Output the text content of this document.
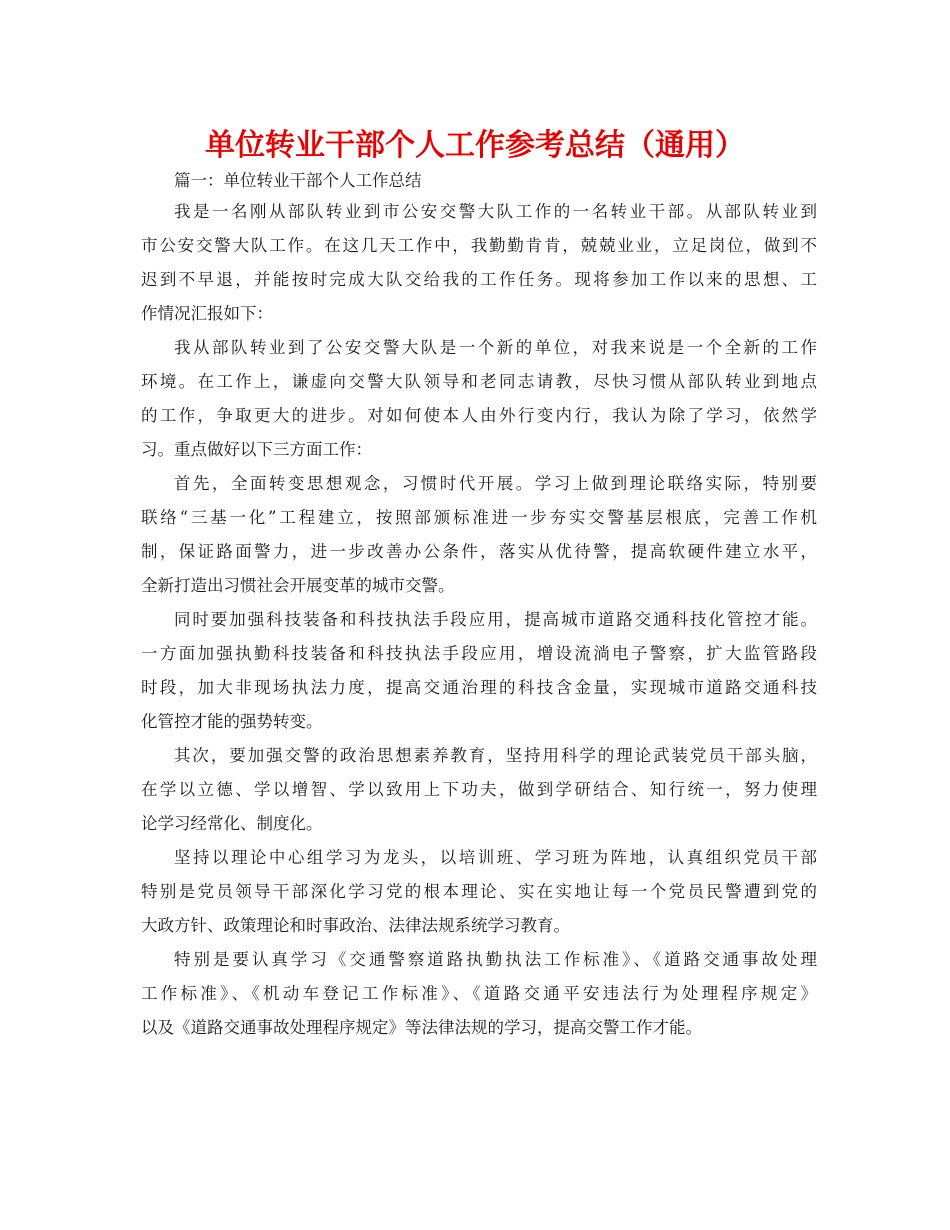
单位转业干部个人工作参考总结（通用）

篇一：单位转业干部个人工作总结

我是一名刚从部队转业到市公安交警大队工作的一名转业干部。从部队转业到
市公安交警大队工作。在这几天工作中，我勤勤肯肯，兢兢业业，立足岗位，做到不
迟到不早退，并能按时完成大队交给我的工作任务。现将参加工作以来的思想、工
作情况汇报如下：
我从部队转业到了公安交警大队是一个新的单位，对我来说是一个全新的工作
环境。在工作上，谦虚向交警大队领导和老同志请教，尽快习惯从部队转业到地点
的工作，争取更大的进步。对如何使本人由外行变内行，我认为除了学习，依然学
习。重点做好以下三方面工作：
首先，全面转变思想观念，习惯时代开展。学习上做到理论联络实际，特别要
联络“三基一化”工程建立，按照部颁标准进一步夯实交警基层根底，完善工作机
制，保证路面警力，进一步改善办公条件，落实从优待警，提高软硬件建立水平，
全新打造出习惯社会开展变革的城市交警。
同时要加强科技装备和科技执法手段应用，提高城市道路交通科技化管控才能。
一方面加强执勤科技装备和科技执法手段应用，增设流淌电子警察，扩大监管路段
时段，加大非现场执法力度，提高交通治理的科技含金量，实现城市道路交通科技
化管控才能的强势转变。
其次，要加强交警的政治思想素养教育，坚持用科学的理论武装党员干部头脑，
在学以立德、学以增智、学以致用上下功夫，做到学研结合、知行统一，努力使理
论学习经常化、制度化。
坚持以理论中心组学习为龙头，以培训班、学习班为阵地，认真组织党员干部
特别是党员领导干部深化学习党的根本理论、实在实地让每一个党员民警遭到党的
大政方针、政策理论和时事政治、法律法规系统学习教育。
特别是要认真学习《交通警察道路执勤执法工作标准》、《道路交通事故处理
工作标准》、《机动车登记工作标准》、《道路交通平安违法行为处理程序规定》
以及《道路交通事故处理程序规定》等法律法规的学习，提高交警工作才能。
